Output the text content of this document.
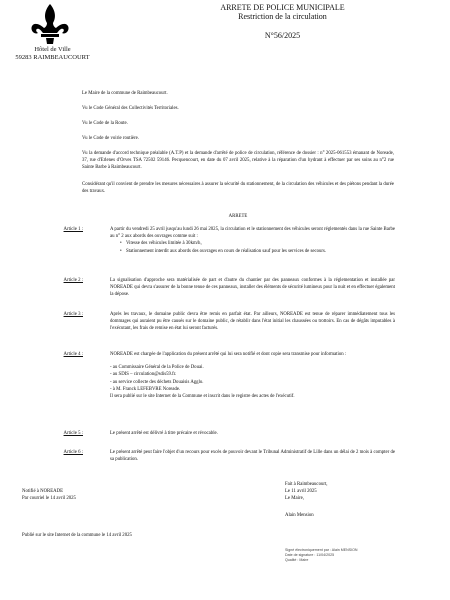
Hôtel de Ville
59283 RAIMBEAUCOURT
ARRETE DE POLICE MUNICIPALE
Restriction de la circulation
N°56/2025

Le Maire de la commune de Raimbeaucourt.

Vu le Code Général des Collectivités Territoriales.

Vu le Code de la Route.

Vu le Code de voirie routière.

Vu la demande d'accord technique préalable (A.T.P) et la demande d'arrêté de police de circulation, référence de dossier : n° 2025-061553 émanant de Noreade, 37, rue d'Erlenes d'Orves TSA 72502 59146. Pecquencourt, en date du 07 avril 2025, relative à la réparation d'un hydrant à effectuer par ses soins au n°2 rue Sainte Barbe à Raimbeaucourt.

Considérant qu'il convient de prendre les mesures nécessaires à assurer la sécurité du stationnement, de la circulation des véhicules et des piétons pendant la durée des travaux.

ARRETE
Article 1 :	A partir du vendredi 25 avril jusqu'au lundi 26 mai 2025, la circulation et le stationnement des véhicules seront réglementés dans la rue Sainte Barbe au n° 2 aux abords des ouvrages comme suit :
• Vitesse des véhicules limitée à 30km/h,
• Stationnement interdit aux abords des ouvrages en cours de réalisation sauf pour les services de secours.
Article 2 :	La signalisation d'approche sera matérialisée de part et d'autre du chantier par des panneaux conformes à la réglementation et installée par NOREADE qui devra s'assurer de la bonne tenue de ces panneaux, installer des éléments de sécurité lumineux pour la nuit et en effectuer également la dépose.
Article 3 :	Après les travaux, le domaine public devra être remis en parfait état. Par ailleurs, NOREADE est tenue de réparer immédiatement tous les dommages qui auraient pu être causés sur le domaine public, de rétablir dans l'état initial les chaussées ou trottoirs. En cas de dégâts imputables à l'exécutant, les frais de remise en état lui seront facturés.
Article 4 :	NOREADE est chargée de l'application du présent arrêté qui lui sera notifié et dont copie sera transmise pour information :
- au Commissaire Général de la Police de Douai.
- au SDIS – circulation@sdis59.fr.
- au service collecte des déchets Douaisis Agglo.
- à M. Franck LEFEBVRE Noreade.
Il sera publié sur le site Internet de la Commune et inscrit dans le registre des actes de l'exécutif.
Article 5 :	Le présent arrêté est délivré à titre précaire et révocable.
Article 6 :	Le présent arrêté peut faire l'objet d'un recours pour excès de pouvoir devant le Tribunal Administratif de Lille dans un délai de 2 mois à compter de sa publication.
Notifié à NOREADE
Par courriel le 14 avril 2025
Fait à Raimbeaucourt,
Le 11 avril 2025
Le Maire,
Alain Mension
Publié sur le site Internet de la commune le 14 avril 2025
Signé électroniquement par : Alain MENSION
Date de signature : 11/04/2025
Qualité : Maire
